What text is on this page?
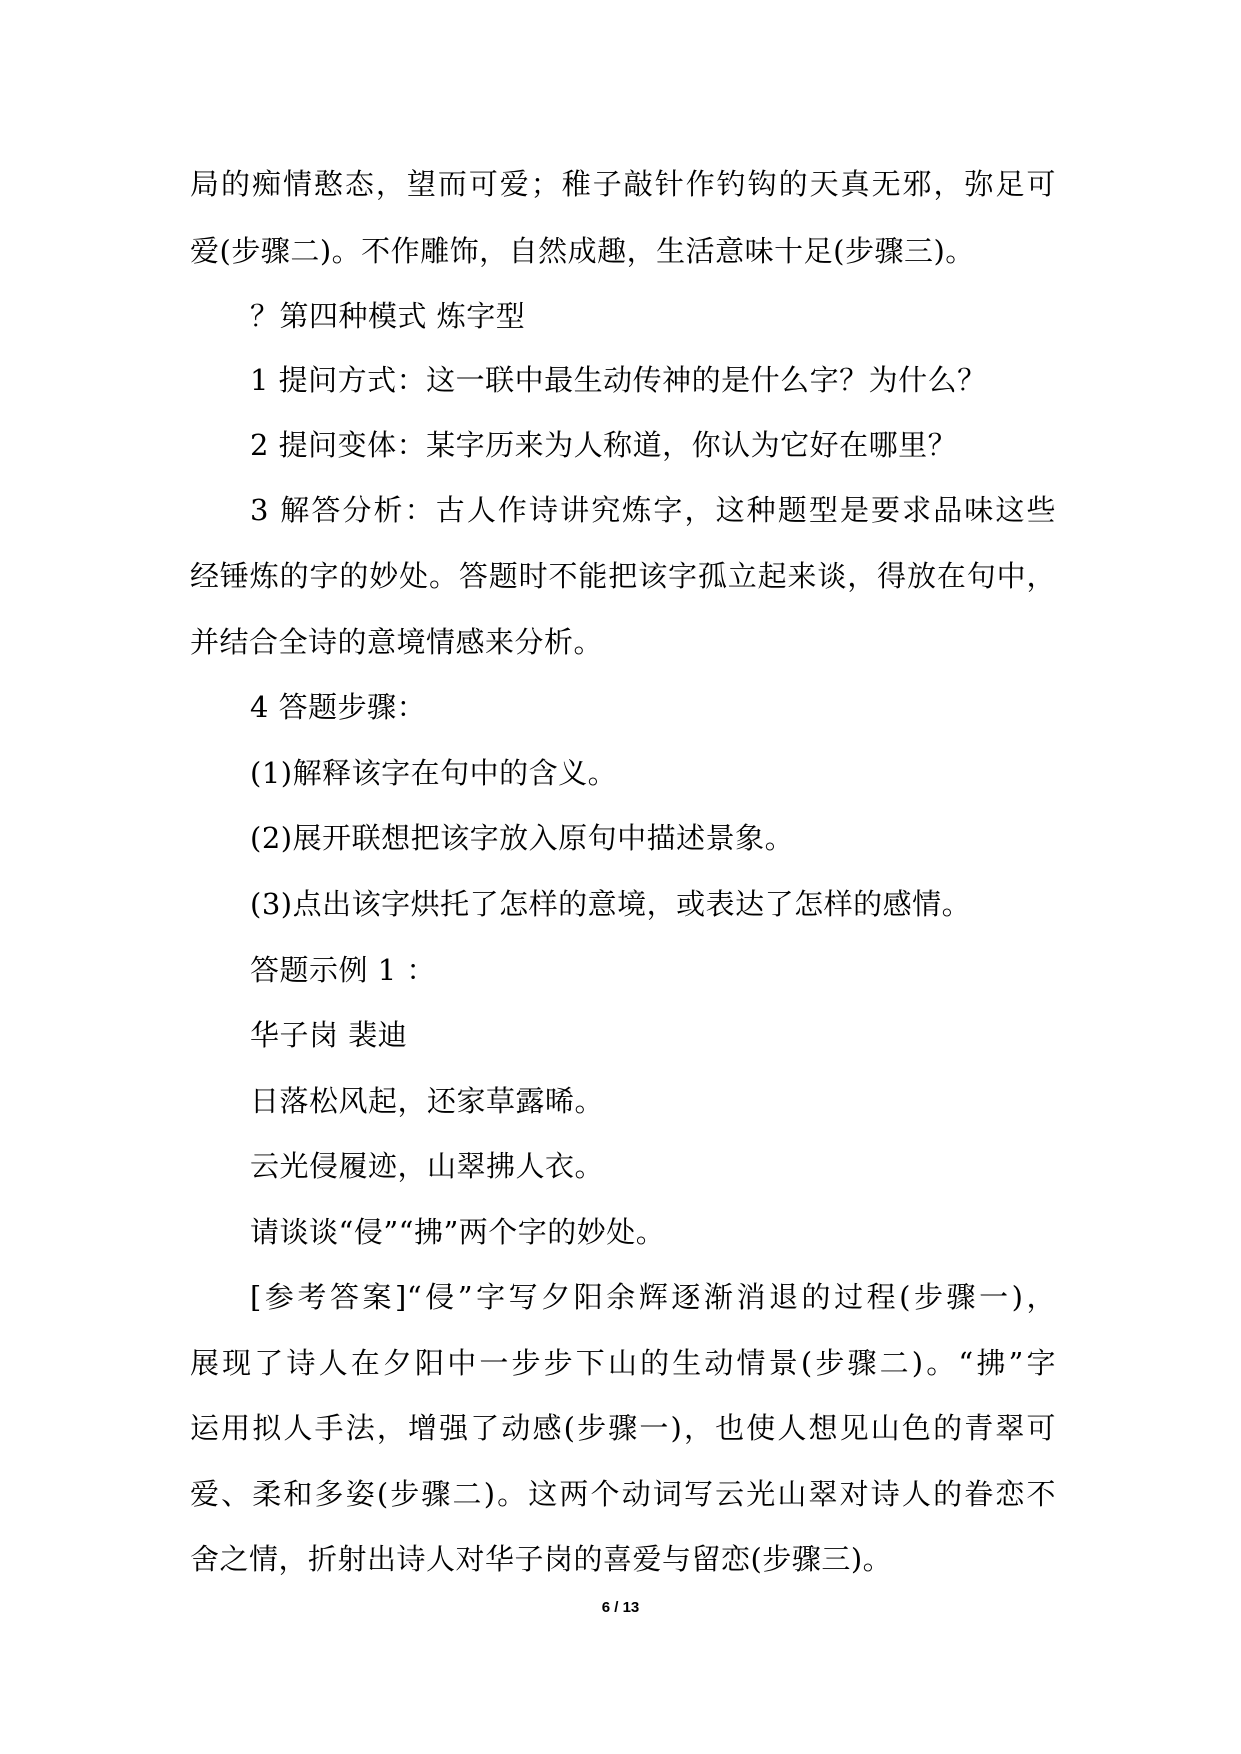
局的痴情憨态，望而可爱；稚子敲针作钓钩的天真无邪，弥足可
爱(步骤二)。不作雕饰，自然成趣，生活意味十足(步骤三)。
？第四种模式 炼字型
1 提问方式：这一联中最生动传神的是什么字？为什么？
2 提问变体：某字历来为人称道，你认为它好在哪里？
3 解答分析：古人作诗讲究炼字，这种题型是要求品味这些
经锤炼的字的妙处。答题时不能把该字孤立起来谈，得放在句中，
并结合全诗的意境情感来分析。
4 答题步骤：
(1)解释该字在句中的含义。
(2)展开联想把该字放入原句中描述景象。
(3)点出该字烘托了怎样的意境，或表达了怎样的感情。
答题示例 1 ：
华子岗 裴迪
日落松风起，还家草露晞。
云光侵履迹，山翠拂人衣。
请谈谈“侵”“拂”两个字的妙处。
[参考答案]“侵”字写夕阳余辉逐渐消退的过程(步骤一)，
展现了诗人在夕阳中一步步下山的生动情景(步骤二)。“拂”字
运用拟人手法，增强了动感(步骤一)，也使人想见山色的青翠可
爱、柔和多姿(步骤二)。这两个动词写云光山翠对诗人的眷恋不
舍之情，折射出诗人对华子岗的喜爱与留恋(步骤三)。
6 / 13
